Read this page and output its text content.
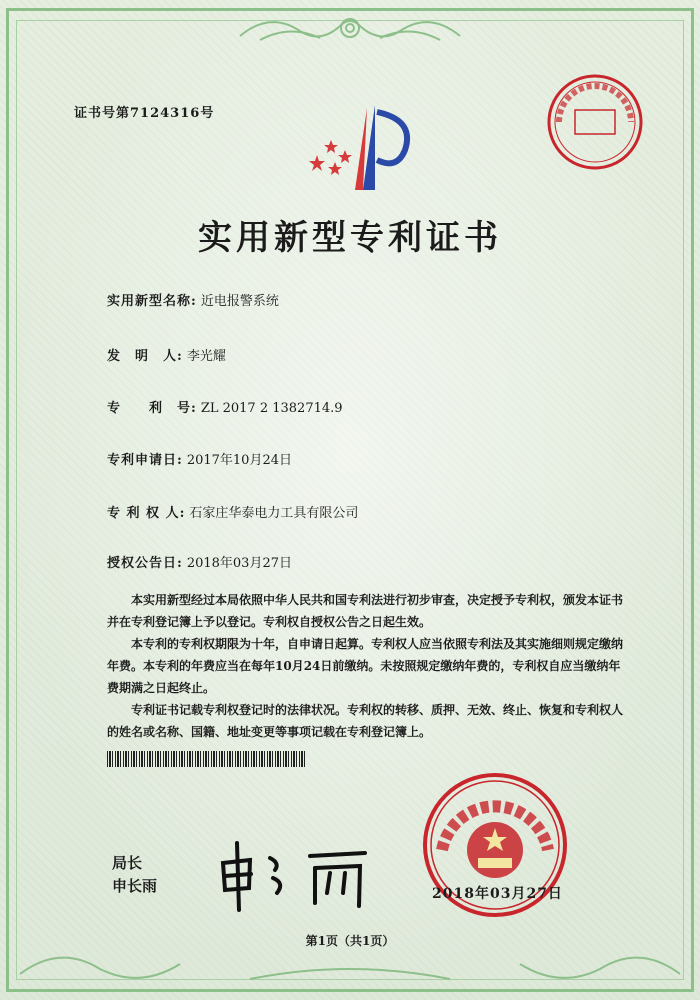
证书号第7124316号
实用新型专利证书
实用新型名称: 近电报警系统
发　明　人: 李光耀
专　　利　号: ZL 2017 2 1382714.9
专利申请日: 2017年10月24日
专 利 权 人: 石家庄华泰电力工具有限公司
授权公告日: 2018年03月27日

本实用新型经过本局依照中华人民共和国专利法进行初步审查，决定授予专利权，颁发本证书并在专利登记簿上予以登记。专利权自授权公告之日起生效。

本专利的专利权期限为十年，自申请日起算。专利权人应当依照专利法及其实施细则规定缴纳年费。本专利的年费应当在每年10月24日前缴纳。未按照规定缴纳年费的，专利权自应当缴纳年费期满之日起终止。

专利证书记载专利权登记时的法律状况。专利权的转移、质押、无效、终止、恢复和专利权人的姓名或名称、国籍、地址变更等事项记载在专利登记簿上。

局长
申长雨	2018年03月27日
第1页（共1页）
